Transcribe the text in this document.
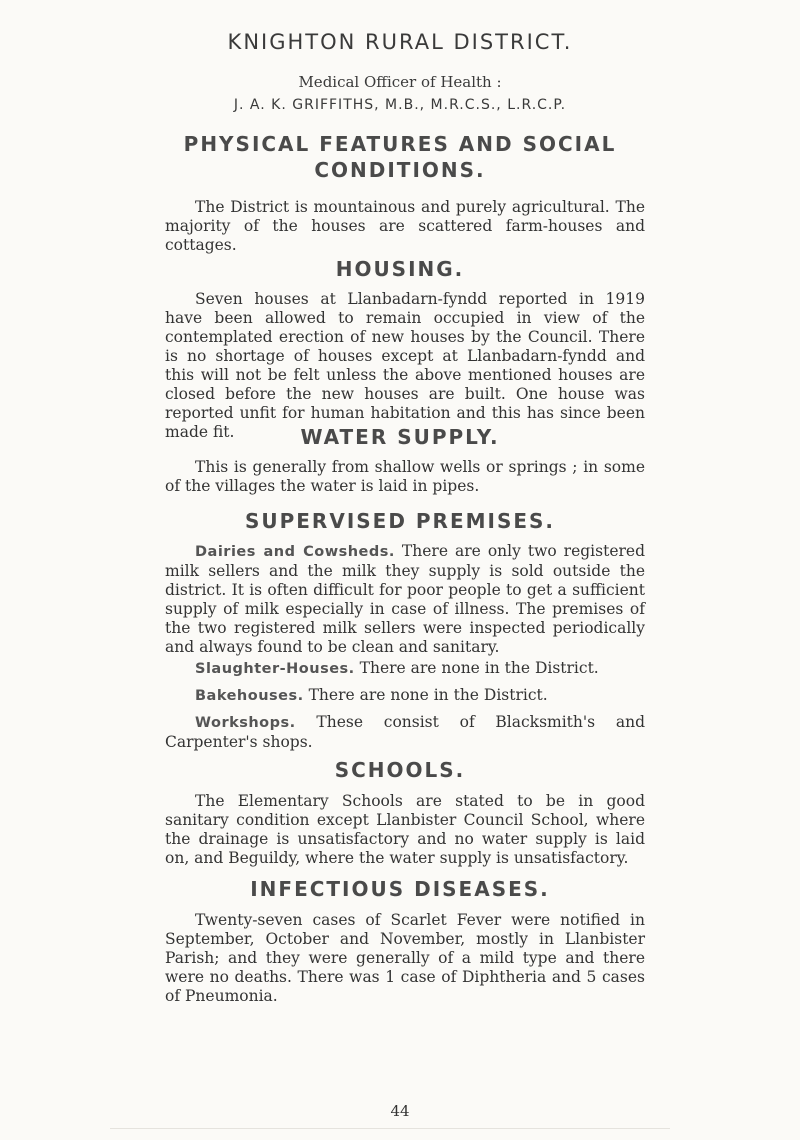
KNIGHTON RURAL DISTRICT.
Medical Officer of Health :
J. A. K. GRIFFITHS, M.B., M.R.C.S., L.R.C.P.
PHYSICAL FEATURES AND SOCIAL
CONDITIONS.

The District is mountainous and purely agricultural. The majority of the houses are scattered farm-houses and cottages.

HOUSING.

Seven houses at Llanbadarn-fyndd reported in 1919 have been allowed to remain occupied in view of the contemplated erection of new houses by the Council. There is no shortage of houses except at Llanbadarn-fyndd and this will not be felt unless the above mentioned houses are closed before the new houses are built. One house was reported unfit for human habitation and this has since been made fit.	WATER SUPPLY.

This is generally from shallow wells or springs ; in some of the villages the water is laid in pipes.

SUPERVISED PREMISES.

Dairies and Cowsheds. There are only two registered milk sellers and the milk they supply is sold outside the district. It is often difficult for poor people to get a sufficient supply of milk especially in case of illness. The premises of the two registered milk sellers were inspected periodically and always found to be clean and sanitary.

Slaughter-Houses. There are none in the District.

Bakehouses. There are none in the District.

Workshops. These consist of Blacksmith's and Carpenter's shops.

SCHOOLS.

The Elementary Schools are stated to be in good sanitary condition except Llanbister Council School, where the drainage is unsatisfactory and no water supply is laid on, and Beguildy, where the water supply is unsatisfactory.

INFECTIOUS DISEASES.

Twenty-seven cases of Scarlet Fever were notified in September, October and November, mostly in Llanbister Parish; and they were generally of a mild type and there were no deaths. There was 1 case of Diphtheria and 5 cases of Pneumonia.

44
